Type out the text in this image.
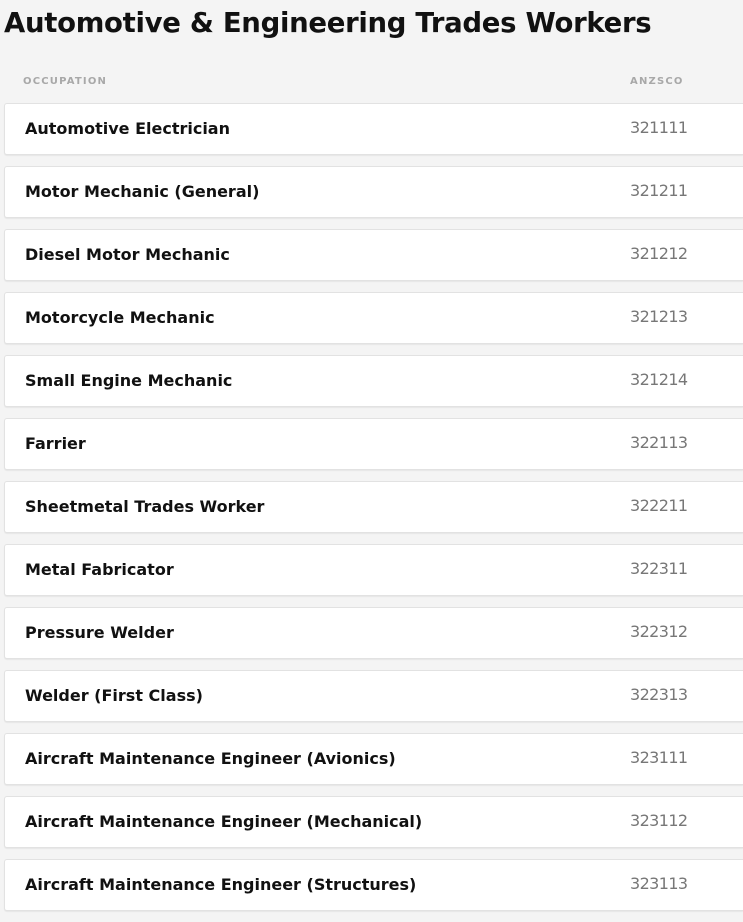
Automotive & Engineering Trades Workers
OCCUPATION	ANZSCO
Automotive Electrician	321111
Motor Mechanic (General)	321211
Diesel Motor Mechanic	321212
Motorcycle Mechanic	321213
Small Engine Mechanic	321214
Farrier	322113
Sheetmetal Trades Worker	322211
Metal Fabricator	322311
Pressure Welder	322312
Welder (First Class)	322313
Aircraft Maintenance Engineer (Avionics)	323111
Aircraft Maintenance Engineer (Mechanical)	323112
Aircraft Maintenance Engineer (Structures)	323113
